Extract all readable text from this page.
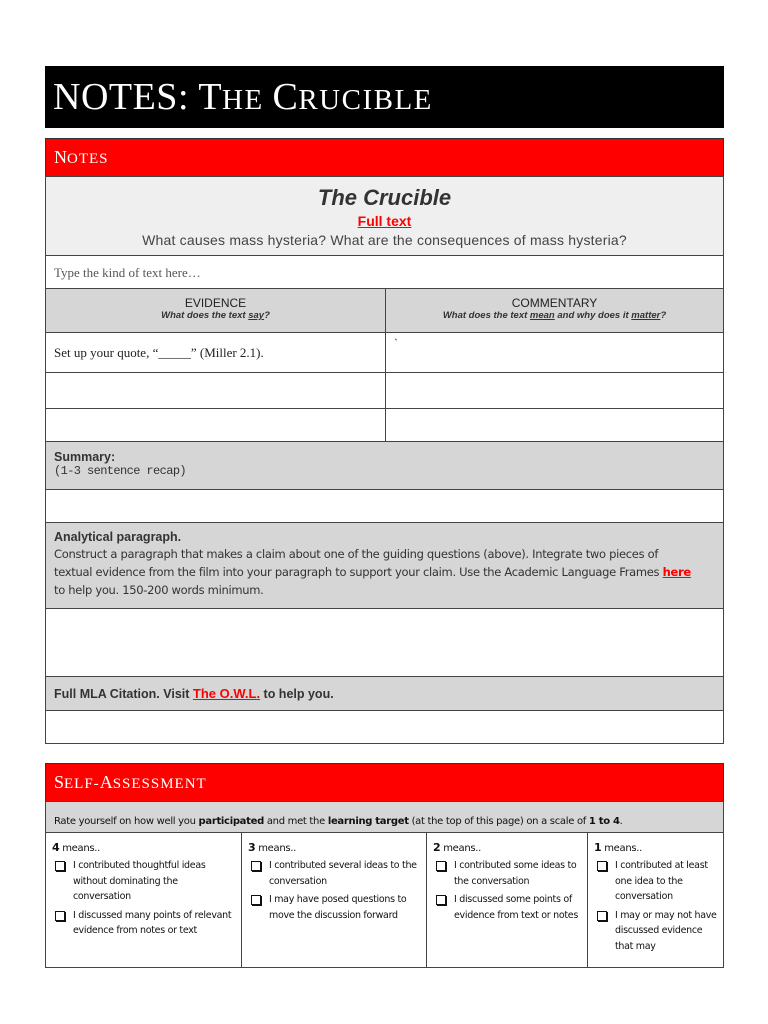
NOTES: THE CRUCIBLE
NOTES
The Crucible
Full text
What causes mass hysteria? What are the consequences of mass hysteria?
Type the kind of text here…
EVIDENCE
What does the text say?
COMMENTARY
What does the text mean and why does it matter?
Set up your quote, “_____” (Miller 2.1).
`
Summary:
(1-3 sentence recap)
Analytical paragraph.
Construct a paragraph that makes a claim about one of the guiding questions (above). Integrate two pieces of
textual evidence from the film into your paragraph to support your claim. Use the Academic Language Frames here
to help you. 150-200 words minimum.
Full MLA Citation. Visit The O.W.L. to help you.
SELF-ASSESSMENT
Rate yourself on how well you participated and met the learning target (at the top of this page) on a scale of 1 to 4.
4 means..
I contributed thoughtful ideas without dominating the conversation
I discussed many points of relevant evidence from notes or text
3 means..
I contributed several ideas to the conversation
I may have posed questions to move the discussion forward
2 means..
I contributed some ideas to the conversation
I discussed some points of evidence from text or notes
1 means..
I contributed at least one idea to the conversation
I may or may not have discussed evidence that may
